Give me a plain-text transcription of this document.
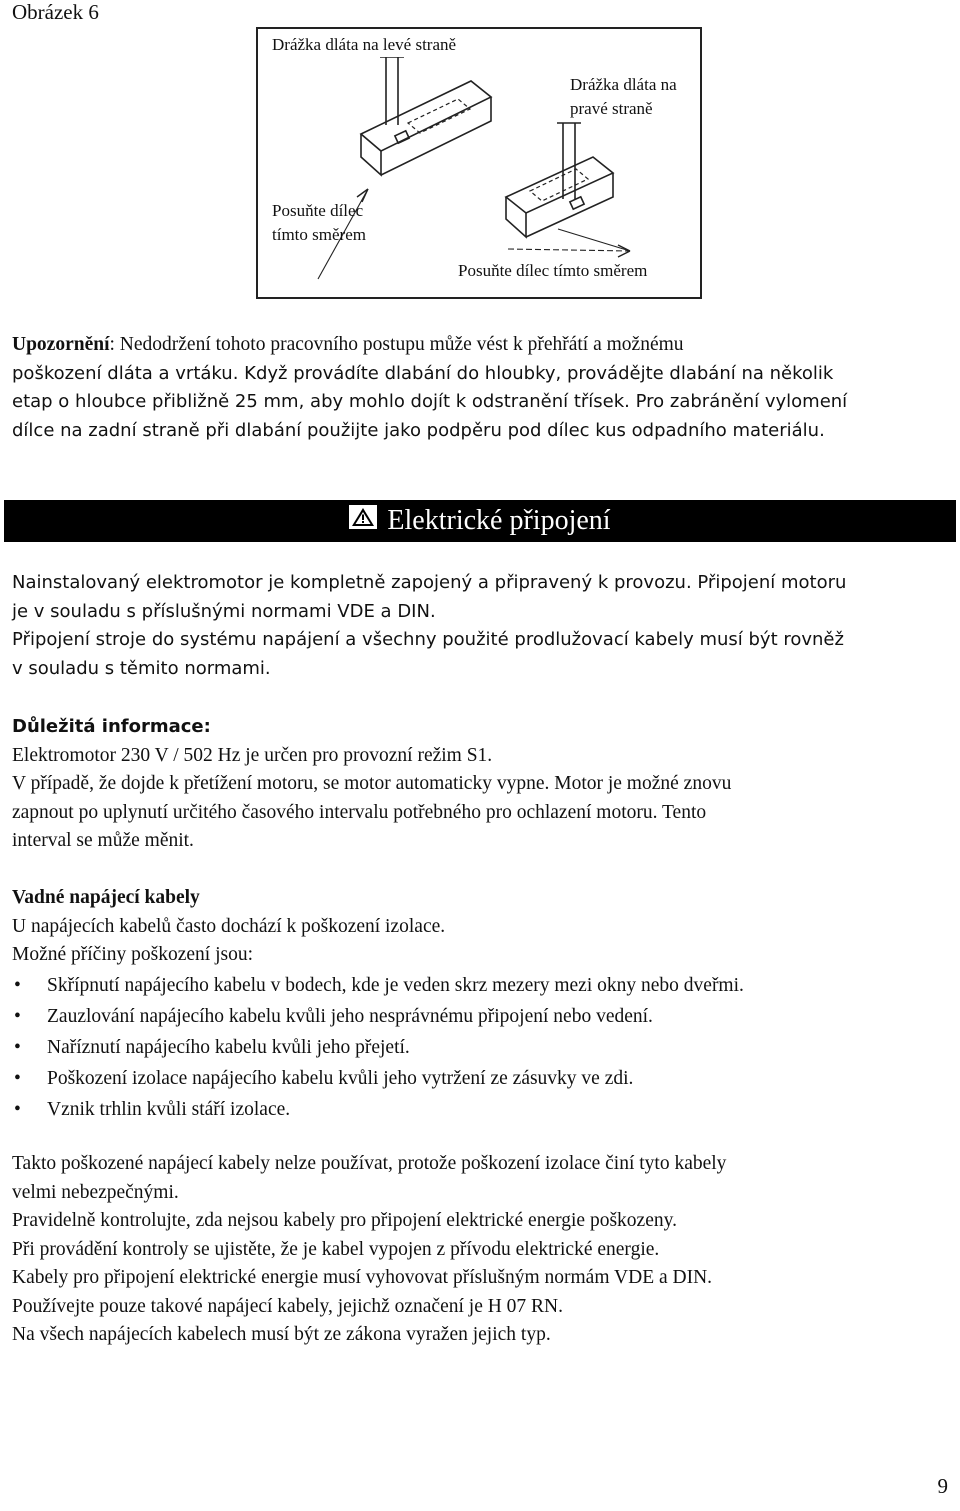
Obrázek 6
Drážka dláta na levé straně
Drážka dláta na pravé straně
Posuňte dílec tímto směrem
Posuňte dílec tímto směrem
Upozornění: Nedodržení tohoto pracovního postupu může vést k přehřátí a možnému
poškození dláta a vrtáku. Když provádíte dlabání do hloubky, provádějte dlabání na několik
etap o hloubce přibližně 25 mm, aby mohlo dojít k odstranění třísek. Pro zabránění vylomení
dílce na zadní straně při dlabání použijte jako podpěru pod dílec kus odpadního materiálu.
Elektrické připojení
Nainstalovaný elektromotor je kompletně zapojený a připravený k provozu. Připojení motoru
je v souladu s příslušnými normami VDE a DIN.
Připojení stroje do systému napájení a všechny použité prodlužovací kabely musí být rovněž
v souladu s těmito normami.
Důležitá informace:
Elektromotor 230 V / 502 Hz je určen pro provozní režim S1.
V případě, že dojde k přetížení motoru, se motor automaticky vypne. Motor je možné znovu
zapnout po uplynutí určitého časového intervalu potřebného pro ochlazení motoru. Tento
interval se může měnit.
Vadné napájecí kabely
U napájecích kabelů často dochází k poškození izolace.
Možné příčiny poškození jsou:
• Skřípnutí napájecího kabelu v bodech, kde je veden skrz mezery mezi okny nebo dveřmi.
• Zauzlování napájecího kabelu kvůli jeho nesprávnému připojení nebo vedení.
• Naříznutí napájecího kabelu kvůli jeho přejetí.
• Poškození izolace napájecího kabelu kvůli jeho vytržení ze zásuvky ve zdi.
• Vznik trhlin kvůli stáří izolace.
Takto poškozené napájecí kabely nelze používat, protože poškození izolace činí tyto kabely
velmi nebezpečnými.
Pravidelně kontrolujte, zda nejsou kabely pro připojení elektrické energie poškozeny.
Při provádění kontroly se ujistěte, že je kabel vypojen z přívodu elektrické energie.
Kabely pro připojení elektrické energie musí vyhovovat příslušným normám VDE a DIN.
Používejte pouze takové napájecí kabely, jejichž označení je H 07 RN.
Na všech napájecích kabelech musí být ze zákona vyražen jejich typ.
9
